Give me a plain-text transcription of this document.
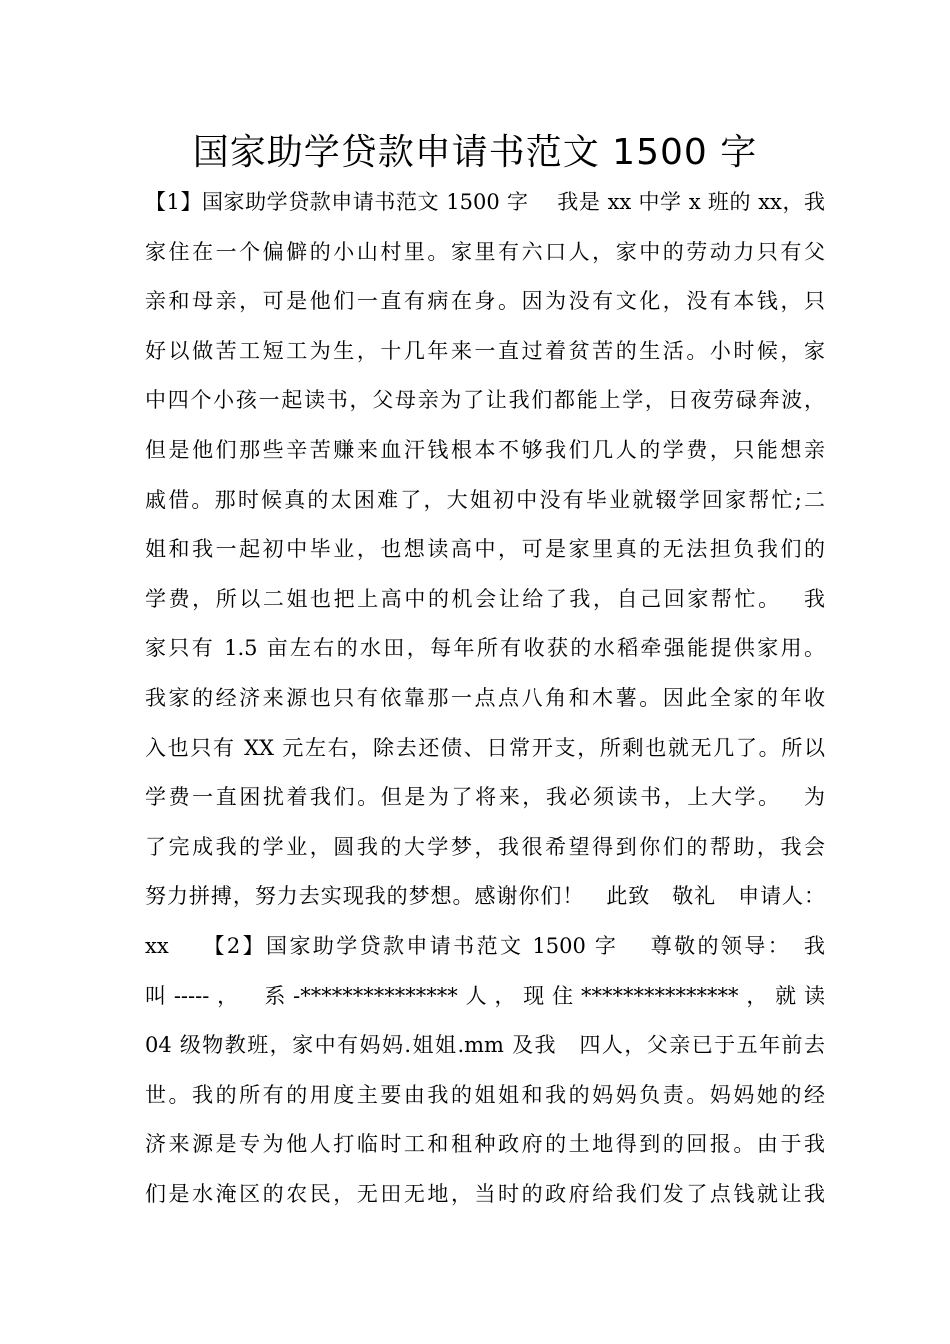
国家助学贷款申请书范文 1500 字
【1】国家助学贷款申请书范文 1500 字　 我是 xx 中学 x 班的 xx，我
家住在一个偏僻的小山村里。家里有六口人，家中的劳动力只有父
亲和母亲，可是他们一直有病在身。因为没有文化，没有本钱，只
好以做苦工短工为生，十几年来一直过着贫苦的生活。小时候，家
中四个小孩一起读书，父母亲为了让我们都能上学，日夜劳碌奔波，
但是他们那些辛苦赚来血汗钱根本不够我们几人的学费，只能想亲
戚借。那时候真的太困难了，大姐初中没有毕业就辍学回家帮忙;二
姐和我一起初中毕业，也想读高中，可是家里真的无法担负我们的
学费，所以二姐也把上高中的机会让给了我，自己回家帮忙。　 我
家只有 1.5 亩左右的水田，每年所有收获的水稻牵强能提供家用。
我家的经济来源也只有依靠那一点点八角和木薯。因此全家的年收
入也只有 XX 元左右，除去还债、日常开支，所剩也就无几了。所以
学费一直困扰着我们。但是为了将来，我必须读书，上大学。　 为
了完成我的学业，圆我的大学梦，我很希望得到你们的帮助，我会
努力拼搏，努力去实现我的梦想。感谢你们！　此致　敬礼　申请人：
xx　 【2】国家助学贷款申请书范文 1500 字　 尊敬的领导：　我
叫-----，　系-***************人，现住***************，就读
04 级物教班，家中有妈妈.姐姐.mm 及我　四人，父亲已于五年前去
世。我的所有的用度主要由我的姐姐和我的妈妈负责。妈妈她的经
济来源是专为他人打临时工和租种政府的土地得到的回报。由于我
们是水淹区的农民，无田无地，当时的政府给我们发了点钱就让我
